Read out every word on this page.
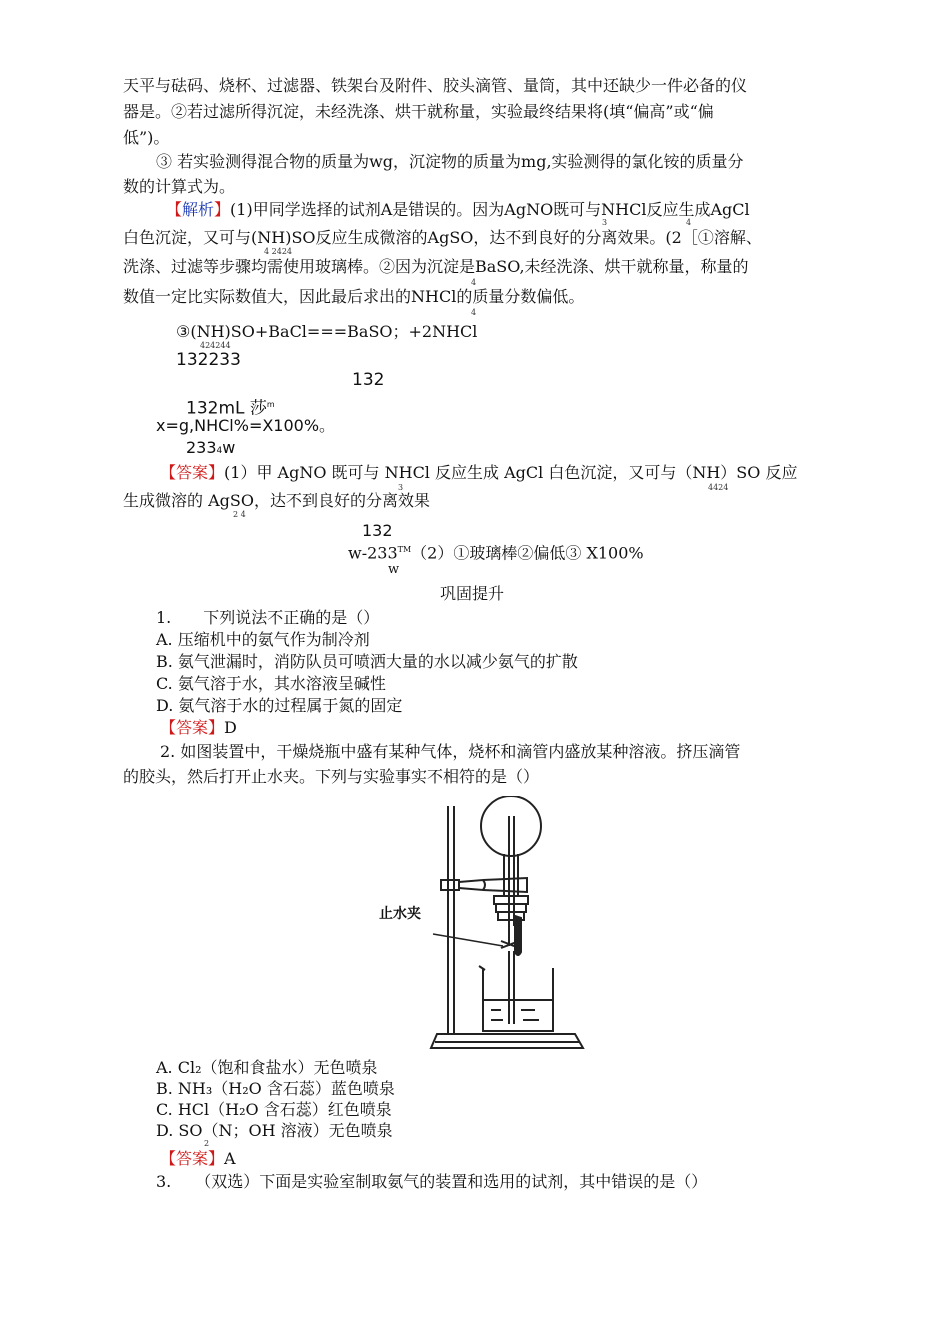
天平与砝码、烧杯、过滤器、铁架台及附件、胶头滴管、量筒，其中还缺少一件必备的仪
器是。②若过滤所得沉淀，未经洗涤、烘干就称量，实验最终结果将(填“偏高”或“偏
低”)。
③ 若实验测得混合物的质量为wg，沉淀物的质量为mg,实验测得的氯化铵的质量分
数的计算式为。
【解析】(1)甲同学选择的试剂A是错误的。因为AgNO既可与NHCl反应生成AgCl
3	4
白色沉淀，又可与(NH)SO反应生成微溶的AgSO，达不到良好的分离效果。(2［①溶解、
4 2424
洗涤、过滤等步骤均需使用玻璃棒。②因为沉淀是BaSO,未经洗涤、烘干就称量，称量的
4
数值一定比实际数值大，因此最后求出的NHCl的质量分数偏低。
4
③(NH)SO+BaCl===BaSO；+2NHCl
424244
132233
132
132mL 莎$^m$
x=g,NHCl%=X100%。
2334w
【答案】(1）甲 AgNO 既可与 NHCl 反应生成 AgCl 白色沉淀，又可与（NH）SO 反应
3	4424
生成微溶的 AgSO，达不到良好的分离效果
2 4
132
w-233™（2）①玻璃棒②偏低③ X100%
w
巩固提升
1.　　下列说法不正确的是（）
A. 压缩机中的氨气作为制冷剂
B. 氨气泄漏时，消防队员可喷洒大量的水以减少氨气的扩散
C. 氨气溶于水，其水溶液呈碱性
D. 氨气溶于水的过程属于氮的固定
【答案】D
2. 如图装置中，干燥烧瓶中盛有某种气体，烧杯和滴管内盛放某种溶液。挤压滴管
的胶头，然后打开止水夹。下列与实验事实不相符的是（）
止水夹
A. Cl₂（饱和食盐水）无色喷泉
B. NH₃（H₂O 含石蕊）蓝色喷泉
C. HCl（H₂O 含石蕊）红色喷泉
D. SO（N；OH 溶液）无色喷泉
2
【答案】A
3.　　（双选）下面是实验室制取氨气的装置和选用的试剂，其中错误的是（）
